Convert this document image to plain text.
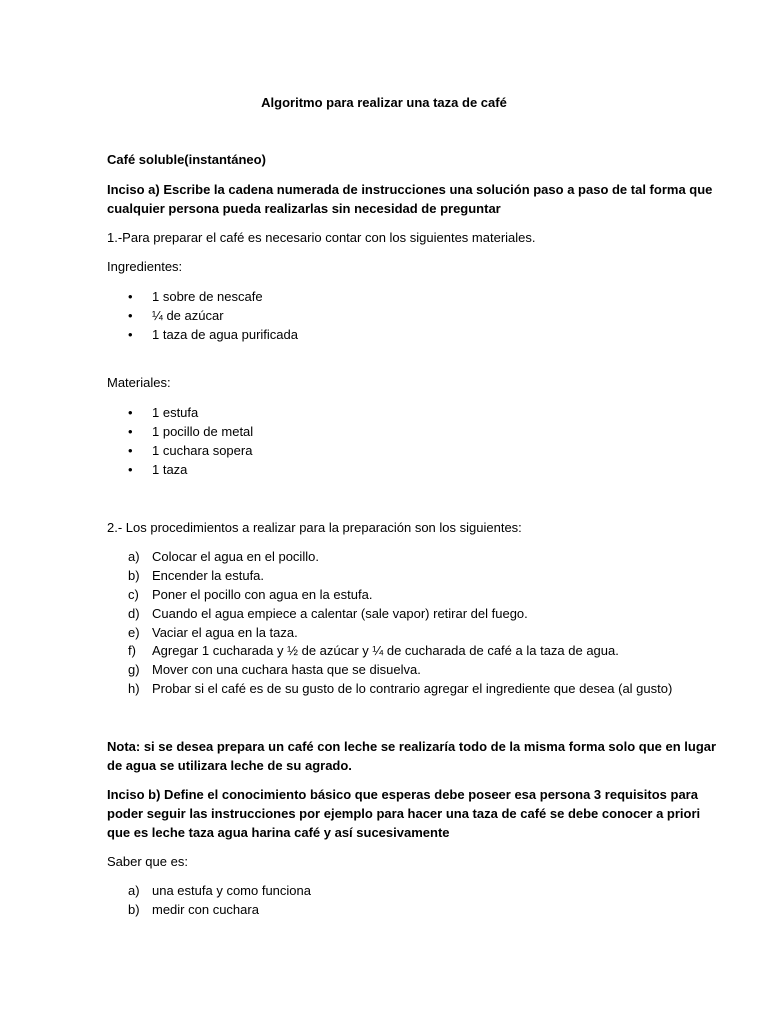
Algoritmo para realizar una taza de café

Café soluble(instantáneo)

Inciso a) Escribe la cadena numerada de instrucciones una solución paso a paso de tal forma que

cualquier persona pueda realizarlas sin necesidad de preguntar

1.-Para preparar el café es necesario contar con los siguientes materiales.

Ingredientes:

• 1 sobre de nescafe

• ¼ de azúcar

• 1 taza de agua purificada

Materiales:

• 1 estufa

• 1 pocillo de metal

• 1 cuchara sopera

• 1 taza

2.- Los procedimientos a realizar para la preparación son los siguientes:

a) Colocar el agua en el pocillo.

b) Encender la estufa.

c) Poner el pocillo con agua en la estufa.

d) Cuando el agua empiece a calentar (sale vapor) retirar del fuego.

e) Vaciar el agua en la taza.

f) Agregar 1 cucharada y ½ de azúcar y ¼ de cucharada de café a la taza de agua.

g) Mover con una cuchara hasta que se disuelva.

h) Probar si el café es de su gusto de lo contrario agregar el ingrediente que desea (al gusto)

Nota: si se desea prepara un café con leche se realizaría todo de la misma forma solo que en lugar

de agua se utilizara leche de su agrado.

Inciso b) Define el conocimiento básico que esperas debe poseer esa persona 3 requisitos para

poder seguir las instrucciones por ejemplo para hacer una taza de café se debe conocer a priori

que es leche taza agua harina café y así sucesivamente

Saber que es:

a) una estufa y como funciona

b) medir con cuchara
